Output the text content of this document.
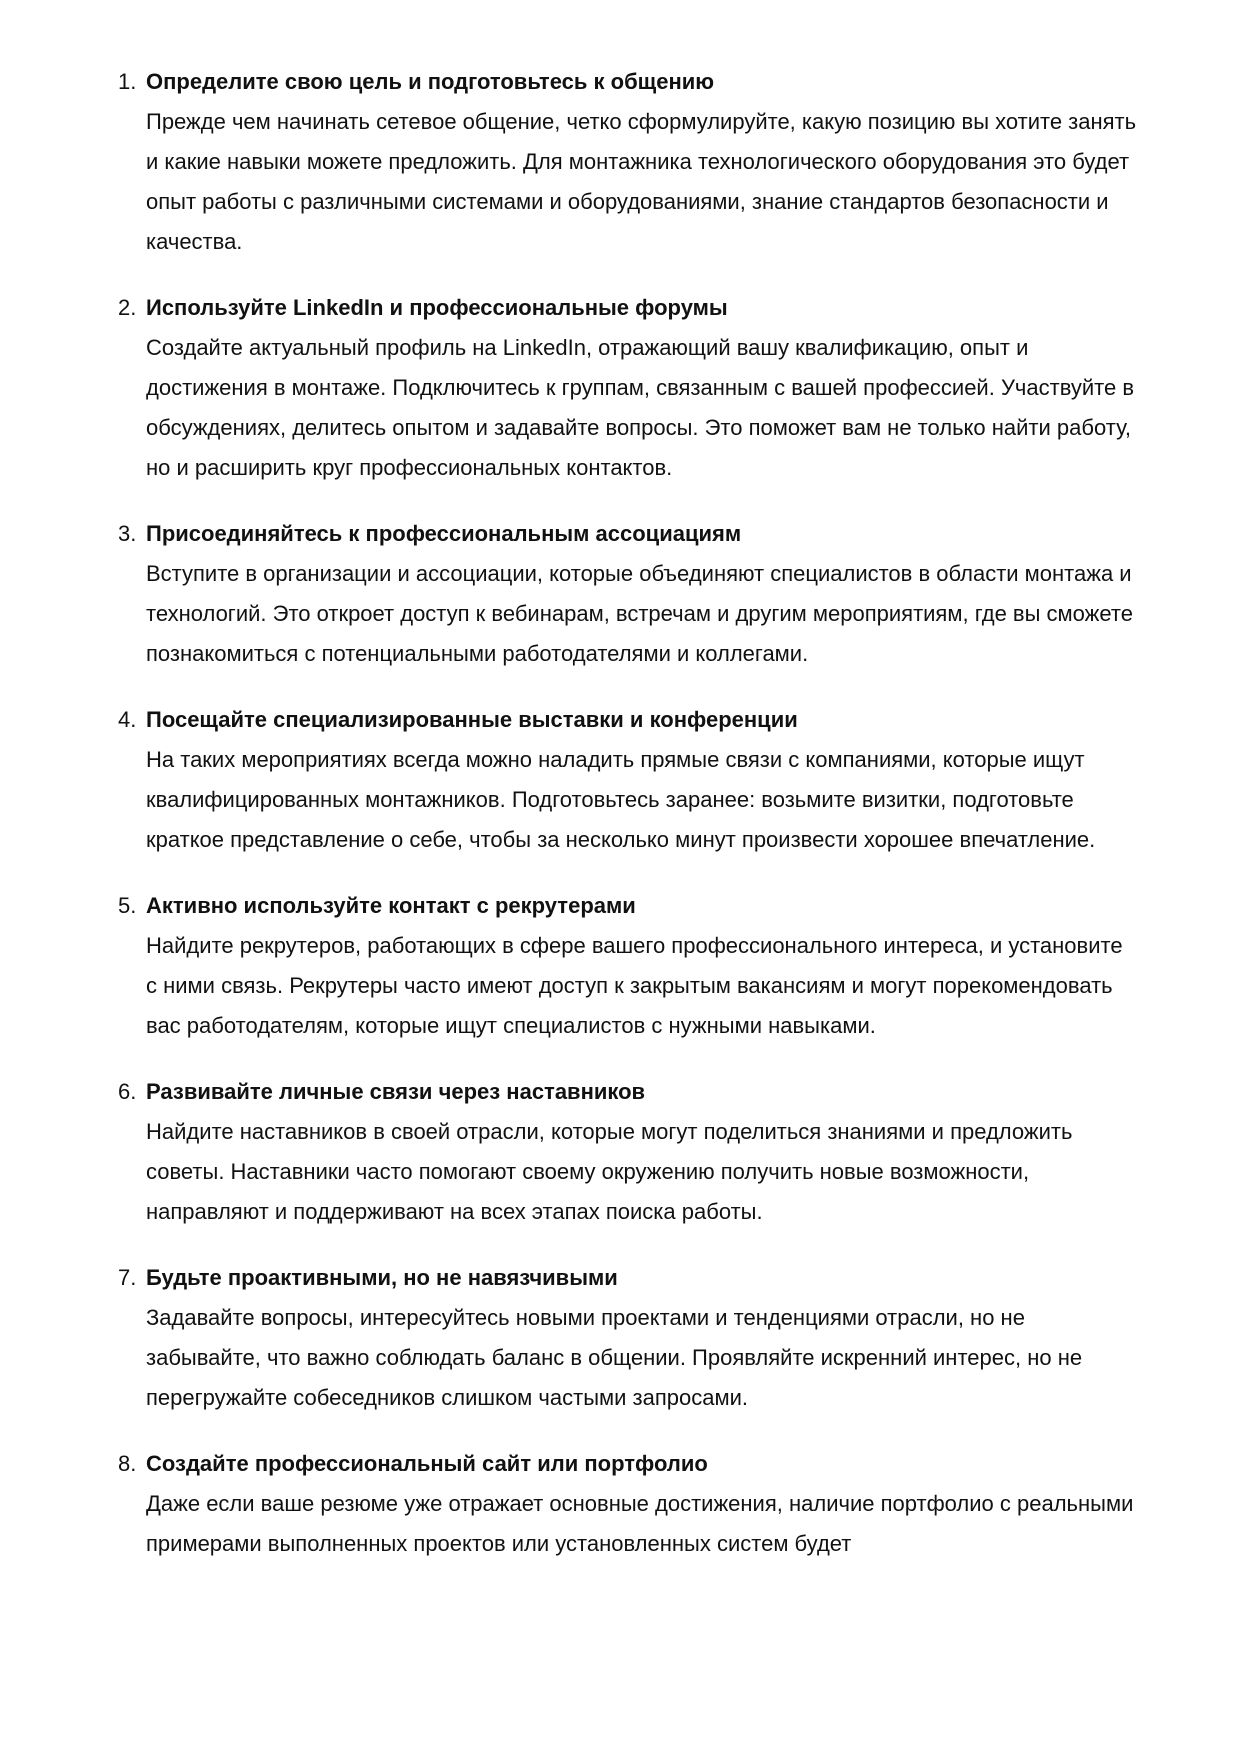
1. Определите свою цель и подготовьтесь к общению
Прежде чем начинать сетевое общение, четко сформулируйте, какую позицию вы хотите занять и какие навыки можете предложить. Для монтажника технологического оборудования это будет опыт работы с различными системами и оборудованиями, знание стандартов безопасности и качества.
2. Используйте LinkedIn и профессиональные форумы
Создайте актуальный профиль на LinkedIn, отражающий вашу квалификацию, опыт и достижения в монтаже. Подключитесь к группам, связанным с вашей профессией. Участвуйте в обсуждениях, делитесь опытом и задавайте вопросы. Это поможет вам не только найти работу, но и расширить круг профессиональных контактов.
3. Присоединяйтесь к профессиональным ассоциациям
Вступите в организации и ассоциации, которые объединяют специалистов в области монтажа и технологий. Это откроет доступ к вебинарам, встречам и другим мероприятиям, где вы сможете познакомиться с потенциальными работодателями и коллегами.
4. Посещайте специализированные выставки и конференции
На таких мероприятиях всегда можно наладить прямые связи с компаниями, которые ищут квалифицированных монтажников. Подготовьтесь заранее: возьмите визитки, подготовьте краткое представление о себе, чтобы за несколько минут произвести хорошее впечатление.
5. Активно используйте контакт с рекрутерами
Найдите рекрутеров, работающих в сфере вашего профессионального интереса, и установите с ними связь. Рекрутеры часто имеют доступ к закрытым вакансиям и могут порекомендовать вас работодателям, которые ищут специалистов с нужными навыками.
6. Развивайте личные связи через наставников
Найдите наставников в своей отрасли, которые могут поделиться знаниями и предложить советы. Наставники часто помогают своему окружению получить новые возможности, направляют и поддерживают на всех этапах поиска работы.
7. Будьте проактивными, но не навязчивыми
Задавайте вопросы, интересуйтесь новыми проектами и тенденциями отрасли, но не забывайте, что важно соблюдать баланс в общении. Проявляйте искренний интерес, но не перегружайте собеседников слишком частыми запросами.
8. Создайте профессиональный сайт или портфолио
Даже если ваше резюме уже отражает основные достижения, наличие портфолио с реальными примерами выполненных проектов или установленных систем будет
